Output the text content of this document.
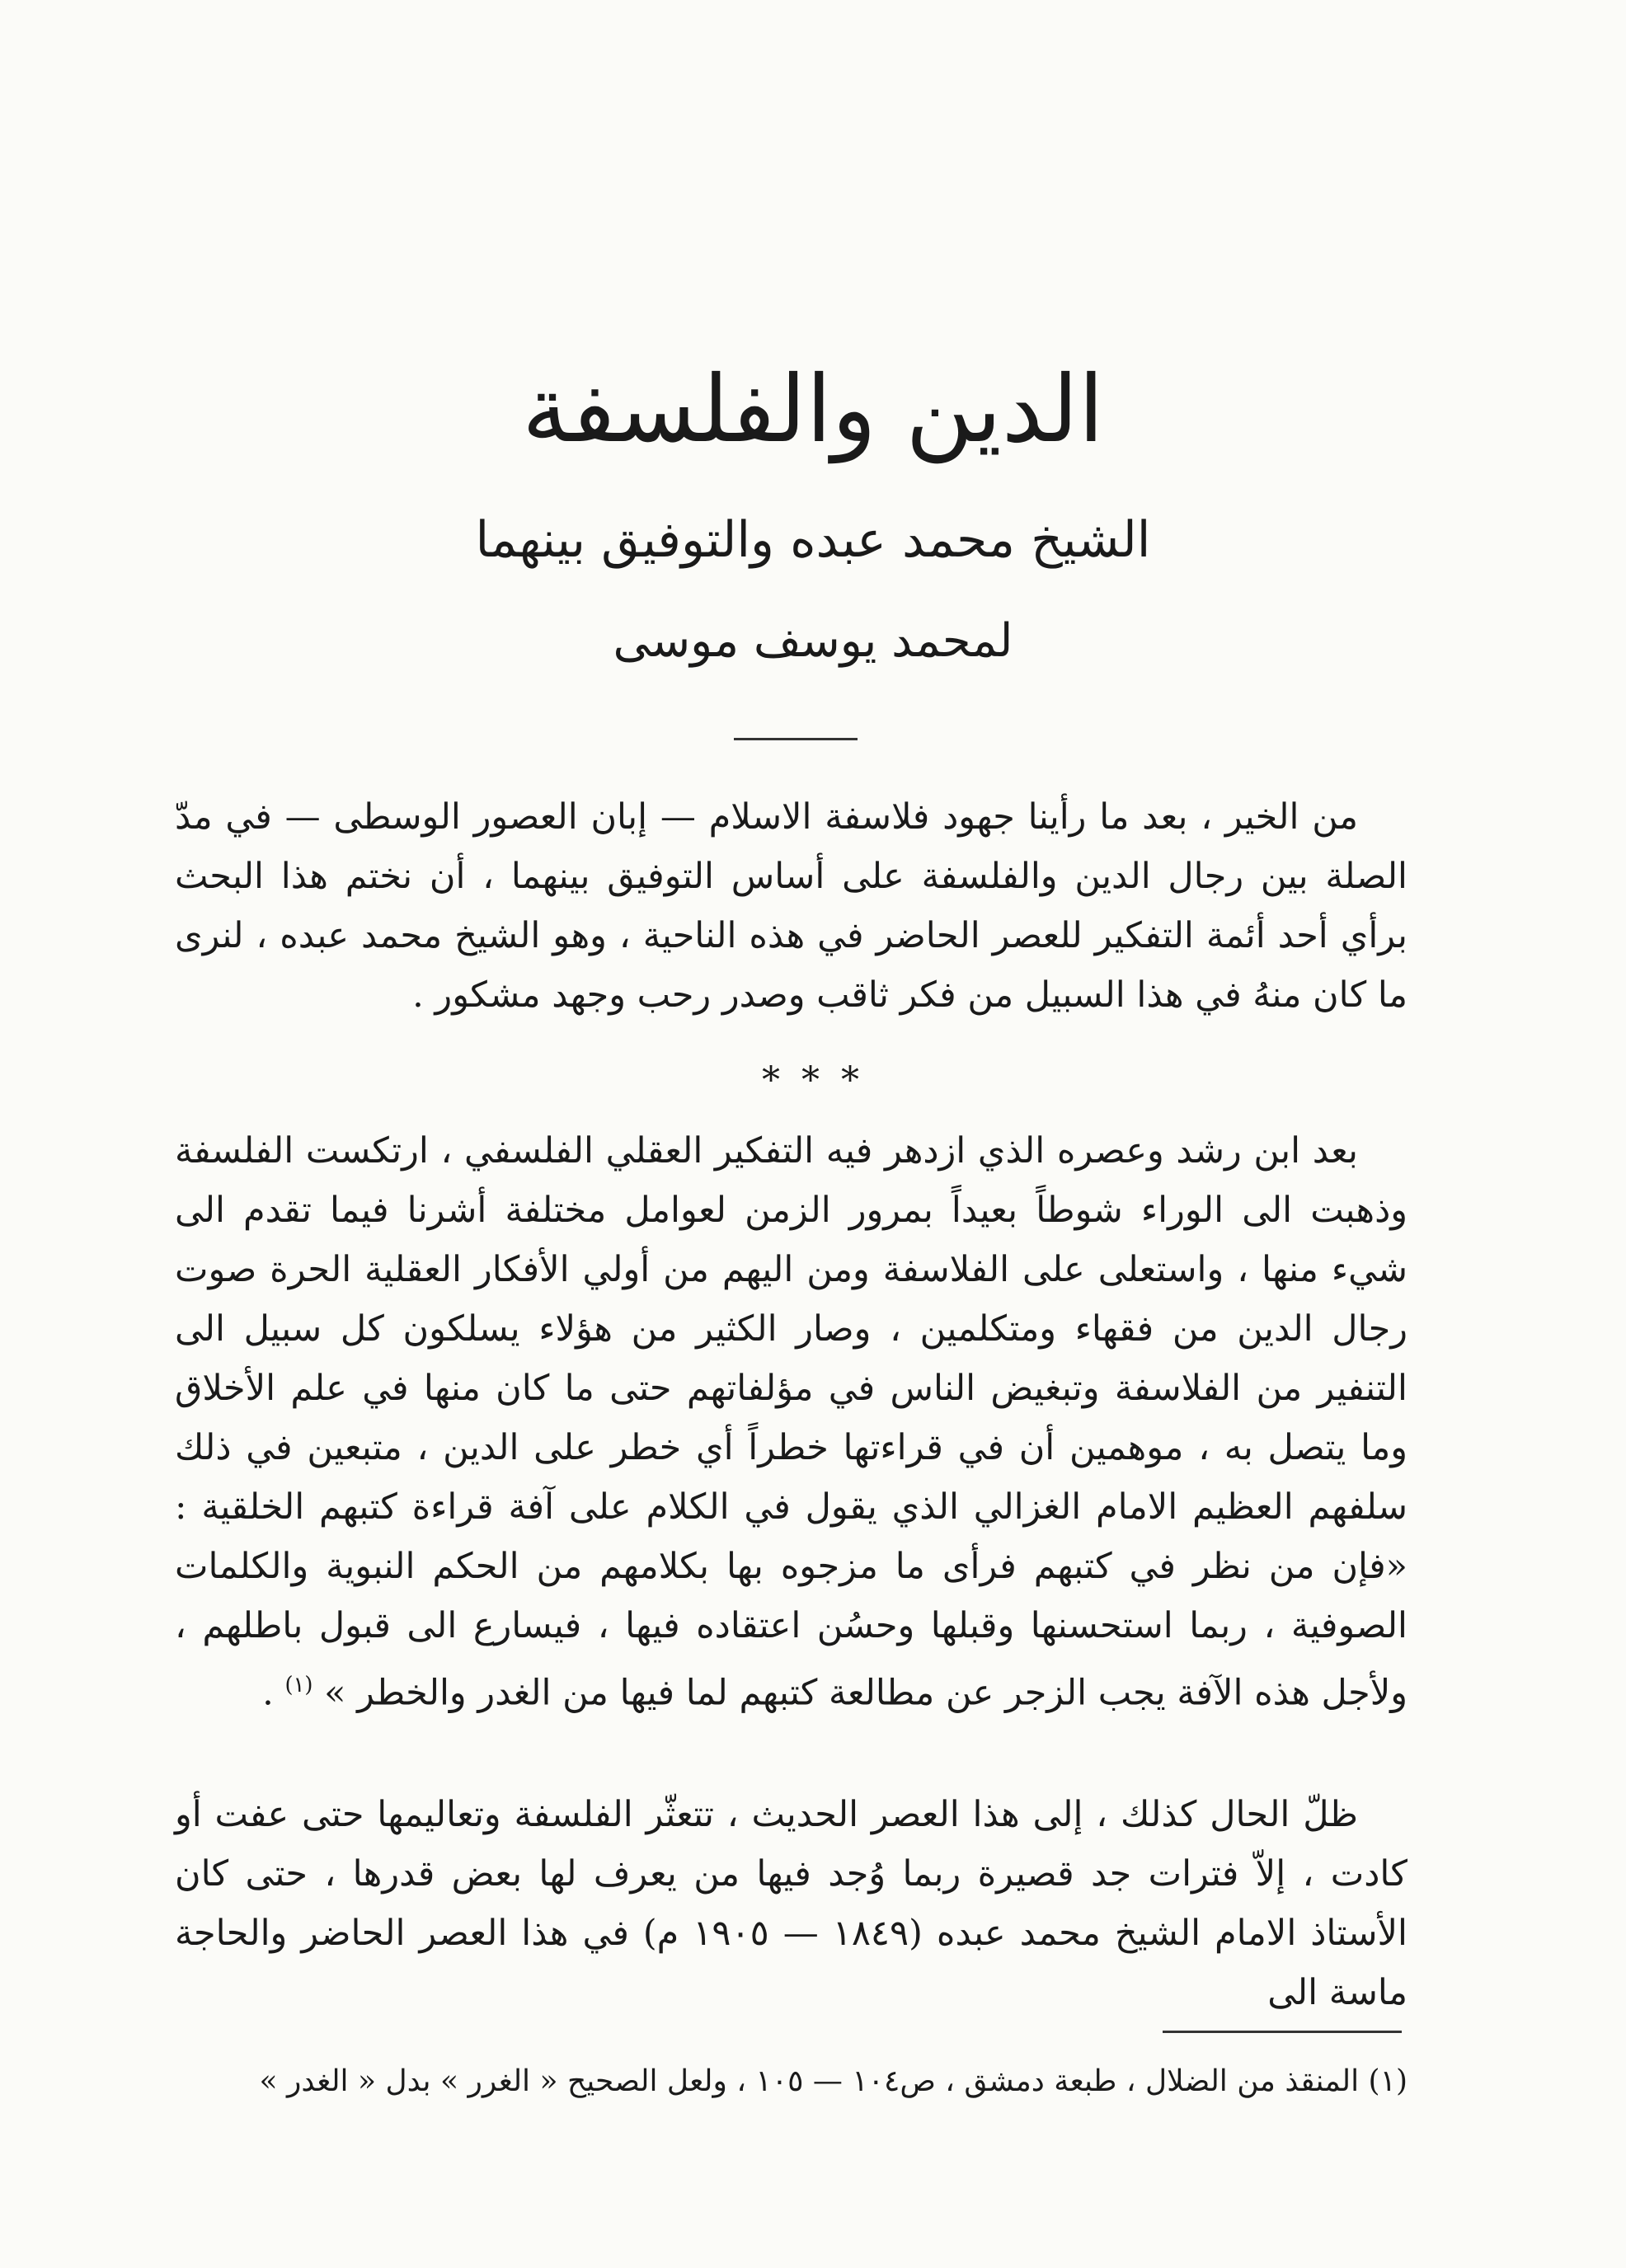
الدين والفلسفة
الشيخ محمد عبده والتوفيق بينهما
لمحمد يوسف موسى

من الخير ، بعد ما رأينا جهود فلاسفة الاسلام — إبان العصور الوسطى — في مدّ الصلة بين رجال الدين والفلسفة على أساس التوفيق بينهما ، أن نختم هذا البحث برأي أحد أئمة التفكير للعصر الحاضر في هذه الناحية ، وهو الشيخ محمد عبده ، لنرى ما كان منهُ في هذا السبيل من فكر ثاقب وصدر رحب وجهد مشكور .

* * *

بعد ابن رشد وعصره الذي ازدهر فيه التفكير العقلي الفلسفي ، ارتكست الفلسفة وذهبت الى الوراء شوطاً بعيداً بمرور الزمن لعوامل مختلفة أشرنا فيما تقدم الى شيء منها ، واستعلى على الفلاسفة ومن اليهم من أولي الأفكار العقلية الحرة صوت رجال الدين من فقهاء ومتكلمين ، وصار الكثير من هؤلاء يسلكون كل سبيل الى التنفير من الفلاسفة وتبغيض الناس في مؤلفاتهم حتى ما كان منها في علم الأخلاق وما يتصل به ، موهمين أن في قراءتها خطراً أي خطر على الدين ، متبعين في ذلك سلفهم العظيم الامام الغزالي الذي يقول في الكلام على آفة قراءة كتبهم الخلقية : «فإن من نظر في كتبهم فرأى ما مزجوه بها بكلامهم من الحكم النبوية والكلمات الصوفية ، ربما استحسنها وقبلها وحسُن اعتقاده فيها ، فيسارع الى قبول باطلهم ، ولأجل هذه الآفة يجب الزجر عن مطالعة كتبهم لما فيها من الغدر والخطر » $^{(١)}$ .

ظلّ الحال كذلك ، إلى هذا العصر الحديث ، تتعثّر الفلسفة وتعاليمها حتى عفت أو كادت ، إلاّ فترات جد قصيرة ربما وُجد فيها من يعرف لها بعض قدرها ، حتى كان الأستاذ الامام الشيخ محمد عبده (١٨٤٩ — ١٩٠٥ م) في هذا العصر الحاضر والحاجة ماسة الى

(١) المنقذ من الضلال ، طبعة دمشق ، ص١٠٤ — ١٠٥ ، ولعل الصحيح « الغرر » بدل « الغدر »
